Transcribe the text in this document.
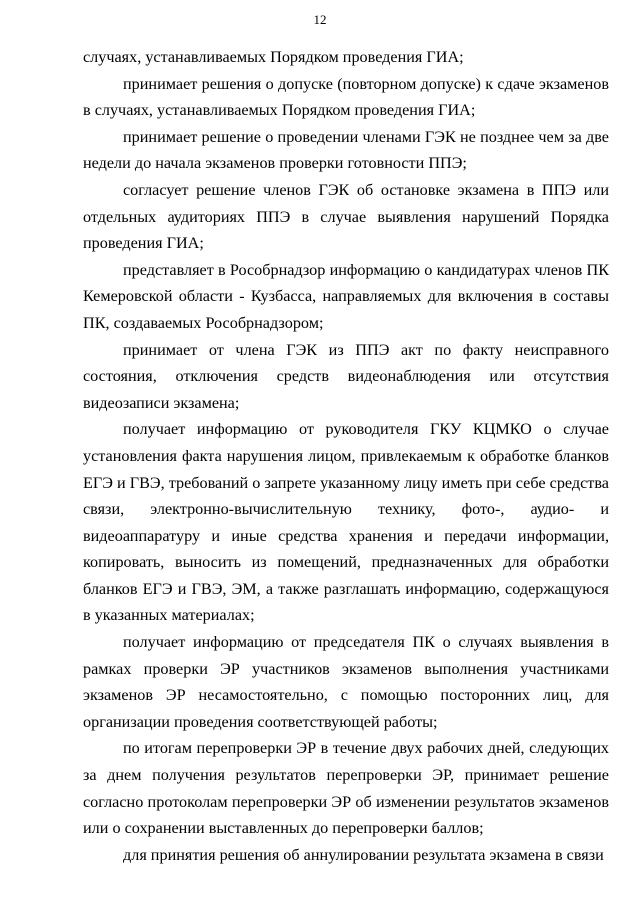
12

случаях, устанавливаемых Порядком проведения ГИА;

принимает решения о допуске (повторном допуске) к сдаче экзаменов в случаях, устанавливаемых Порядком проведения ГИА;

принимает решение о проведении членами ГЭК не позднее чем за две недели до начала экзаменов проверки готовности ППЭ;

согласует решение членов ГЭК об остановке экзамена в ППЭ или отдельных аудиториях ППЭ в случае выявления нарушений Порядка проведения ГИА;

представляет в Рособрнадзор информацию о кандидатурах членов ПК Кемеровской области - Кузбасса, направляемых для включения в составы ПК, создаваемых Рособрнадзором;

принимает от члена ГЭК из ППЭ акт по факту неисправного состояния, отключения средств видеонаблюдения или отсутствия видеозаписи экзамена;

получает информацию от руководителя ГКУ КЦМКО о случае установления факта нарушения лицом, привлекаемым к обработке бланков ЕГЭ и ГВЭ, требований о запрете указанному лицу иметь при себе средства связи, электронно-вычислительную технику, фото-, аудио- и видеоаппаратуру и иные средства хранения и передачи информации, копировать, выносить из помещений, предназначенных для обработки бланков ЕГЭ и ГВЭ, ЭМ, а также разглашать информацию, содержащуюся в указанных материалах;

получает информацию от председателя ПК о случаях выявления в рамках проверки ЭР участников экзаменов выполнения участниками экзаменов ЭР несамостоятельно, с помощью посторонних лиц, для организации проведения соответствующей работы;

по итогам перепроверки ЭР в течение двух рабочих дней, следующих за днем получения результатов перепроверки ЭР, принимает решение согласно протоколам перепроверки ЭР об изменении результатов экзаменов или о сохранении выставленных до перепроверки баллов;

для принятия решения об аннулировании результата экзамена в связи
